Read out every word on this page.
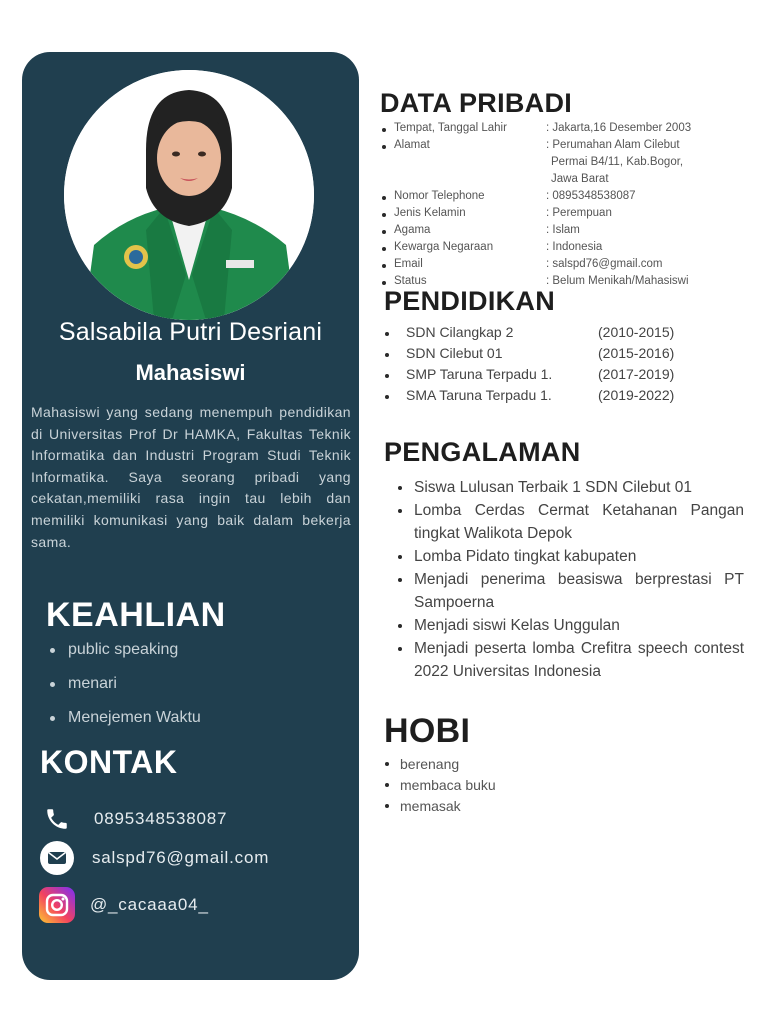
Salsabila Putri Desriani
Mahasiswi

Mahasiswi yang sedang menempuh pendidikan di Universitas Prof Dr HAMKA, Fakultas Teknik Informatika dan Industri Program Studi Teknik Informatika. Saya seorang pribadi yang cekatan,memiliki rasa ingin tau lebih dan memiliki komunikasi yang baik dalam bekerja sama.

KEAHLIAN
public speaking
menari
Menejemen Waktu
KONTAK
0895348538087
salspd76@gmail.com
@_cacaaa04_
DATA PRIBADI
Tempat, Tanggal Lahir	: Jakarta,16 Desember 2003
Alamat	: Perumahan Alam Cilebut
Permai B4/11, Kab.Bogor,
Jawa Barat
Nomor Telephone	: 0895348538087
Jenis Kelamin	: Perempuan
Agama	: Islam
Kewarga Negaraan	: Indonesia
Email	: salspd76@gmail.com
Status	: Belum Menikah/Mahasiswi
PENDIDIKAN
SDN Cilangkap 2	(2010-2015)
SDN Cilebut 01	(2015-2016)
SMP Taruna Terpadu 1.	(2017-2019)
SMA Taruna Terpadu 1.	(2019-2022)
PENGALAMAN
Siswa Lulusan Terbaik 1 SDN Cilebut 01
Lomba Cerdas Cermat Ketahanan Pangan tingkat Walikota Depok
Lomba Pidato tingkat kabupaten
Menjadi penerima beasiswa berprestasi PT Sampoerna
Menjadi siswi Kelas Unggulan
Menjadi peserta lomba Crefitra speech contest 2022 Universitas Indonesia
HOBI
berenang
membaca buku
memasak
